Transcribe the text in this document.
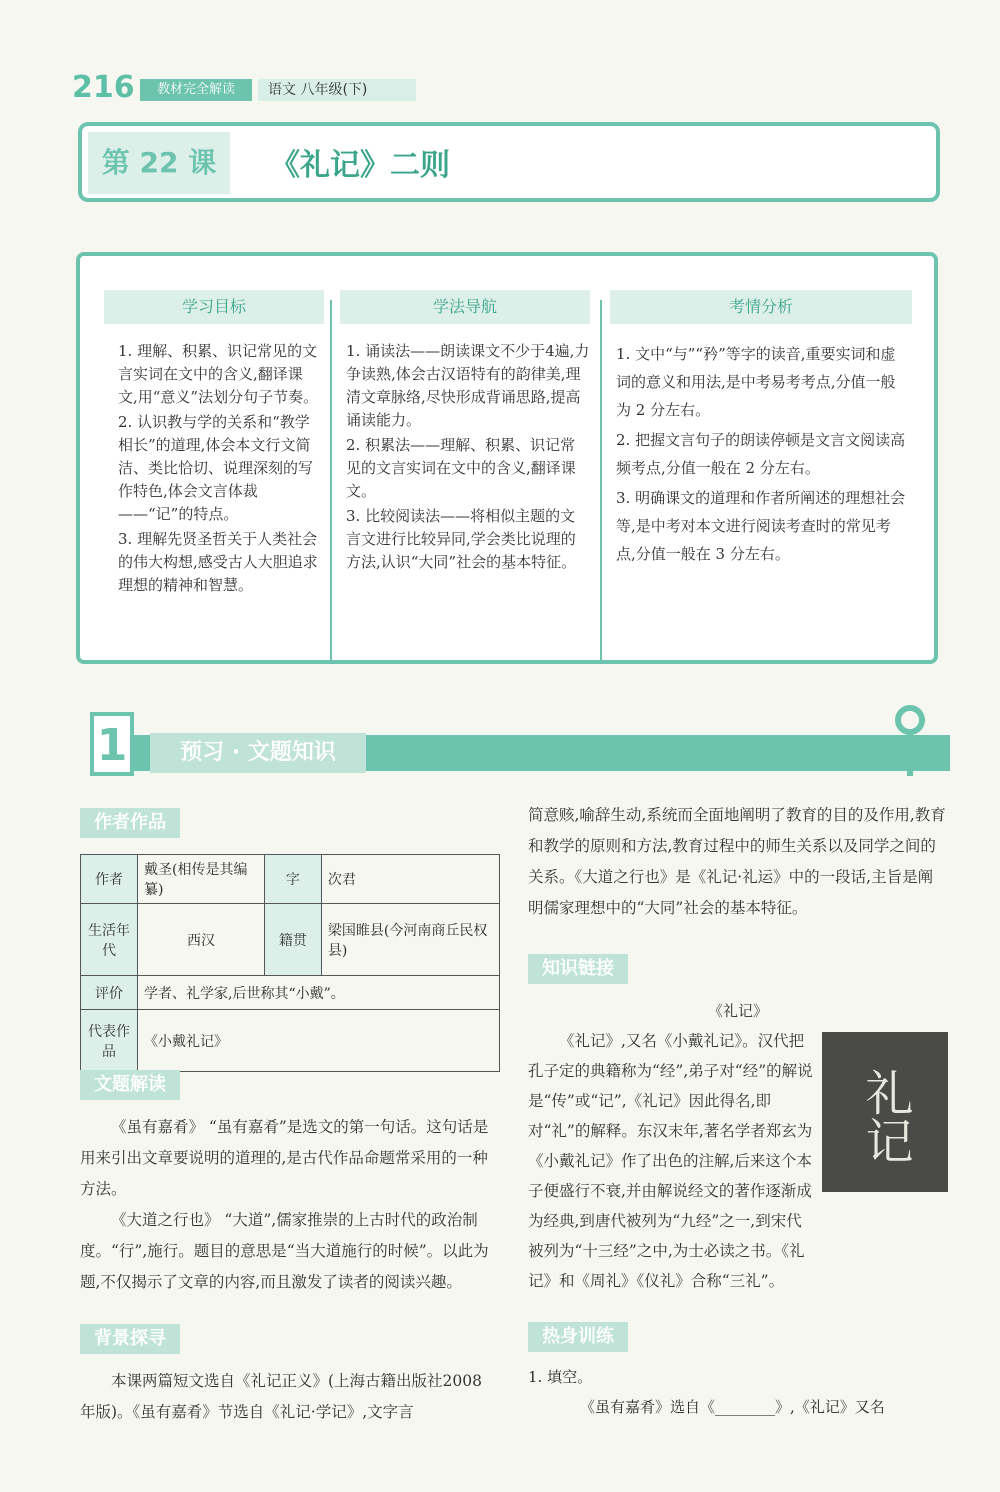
216	教材完全解读	语文 八年级(下)
第 22 课	《礼记》二则
学习目标	学法导航	考情分析
1. 理解、积累、识记常见的文言实词在文中的含义,翻译课文,用“意义”法划分句子节奏。
2. 认识教与学的关系和“教学相长”的道理,体会本文行文简洁、类比恰切、说理深刻的写作特色,体会文言体裁——“记”的特点。
3. 理解先贤圣哲关于人类社会的伟大构想,感受古人大胆追求理想的精神和智慧。
1. 诵读法——朗读课文不少于4遍,力争读熟,体会古汉语特有的韵律美,理清文章脉络,尽快形成背诵思路,提高诵读能力。
2. 积累法——理解、积累、识记常见的文言实词在文中的含义,翻译课文。
3. 比较阅读法——将相似主题的文言文进行比较异同,学会类比说理的方法,认识“大同”社会的基本特征。
1. 文中“与”“矜”等字的读音,重要实词和虚词的意义和用法,是中考易考考点,分值一般为 2 分左右。
2. 把握文言句子的朗读停顿是文言文阅读高频考点,分值一般在 2 分左右。
3. 明确课文的道理和作者所阐述的理想社会等,是中考对本文进行阅读考查时的常见考点,分值一般在 3 分左右。
1	预习 · 文题知识
作者作品
作者	戴圣(相传是其编纂)	字	次君
生活年代	西汉	籍贯	梁国睢县(今河南商丘民权县)
评价	学者、礼学家,后世称其“小戴”。		
代表作品	《小戴礼记》		
文题解读

《虽有嘉肴》 “虽有嘉肴”是选文的第一句话。这句话是用来引出文章要说明的道理的,是古代作品命题常采用的一种方法。

《大道之行也》 “大道”,儒家推崇的上古时代的政治制度。“行”,施行。题目的意思是“当大道施行的时候”。以此为题,不仅揭示了文章的内容,而且激发了读者的阅读兴趣。

背景探寻

本课两篇短文选自《礼记正义》(上海古籍出版社2008 年版)。《虽有嘉肴》节选自《礼记·学记》,文字言

简意赅,喻辞生动,系统而全面地阐明了教育的目的及作用,教育和教学的原则和方法,教育过程中的师生关系以及同学之间的关系。《大道之行也》是《礼记·礼运》中的一段话,主旨是阐明儒家理想中的“大同”社会的基本特征。

知识链接
《礼记》
礼记

《礼记》,又名《小戴礼记》。汉代把孔子定的典籍称为“经”,弟子对“经”的解说是“传”或“记”,《礼记》因此得名,即对“礼”的解释。东汉末年,著名学者郑玄为《小戴礼记》作了出色的注解,后来这个本子便盛行不衰,并由解说经文的著作逐渐成为经典,到唐代被列为“九经”之一,到宋代被列为“十三经”之中,为士必读之书。《礼记》和《周礼》《仪礼》合称“三礼”。

热身训练
1. 填空。
《虽有嘉肴》选自《________》,《礼记》又名
